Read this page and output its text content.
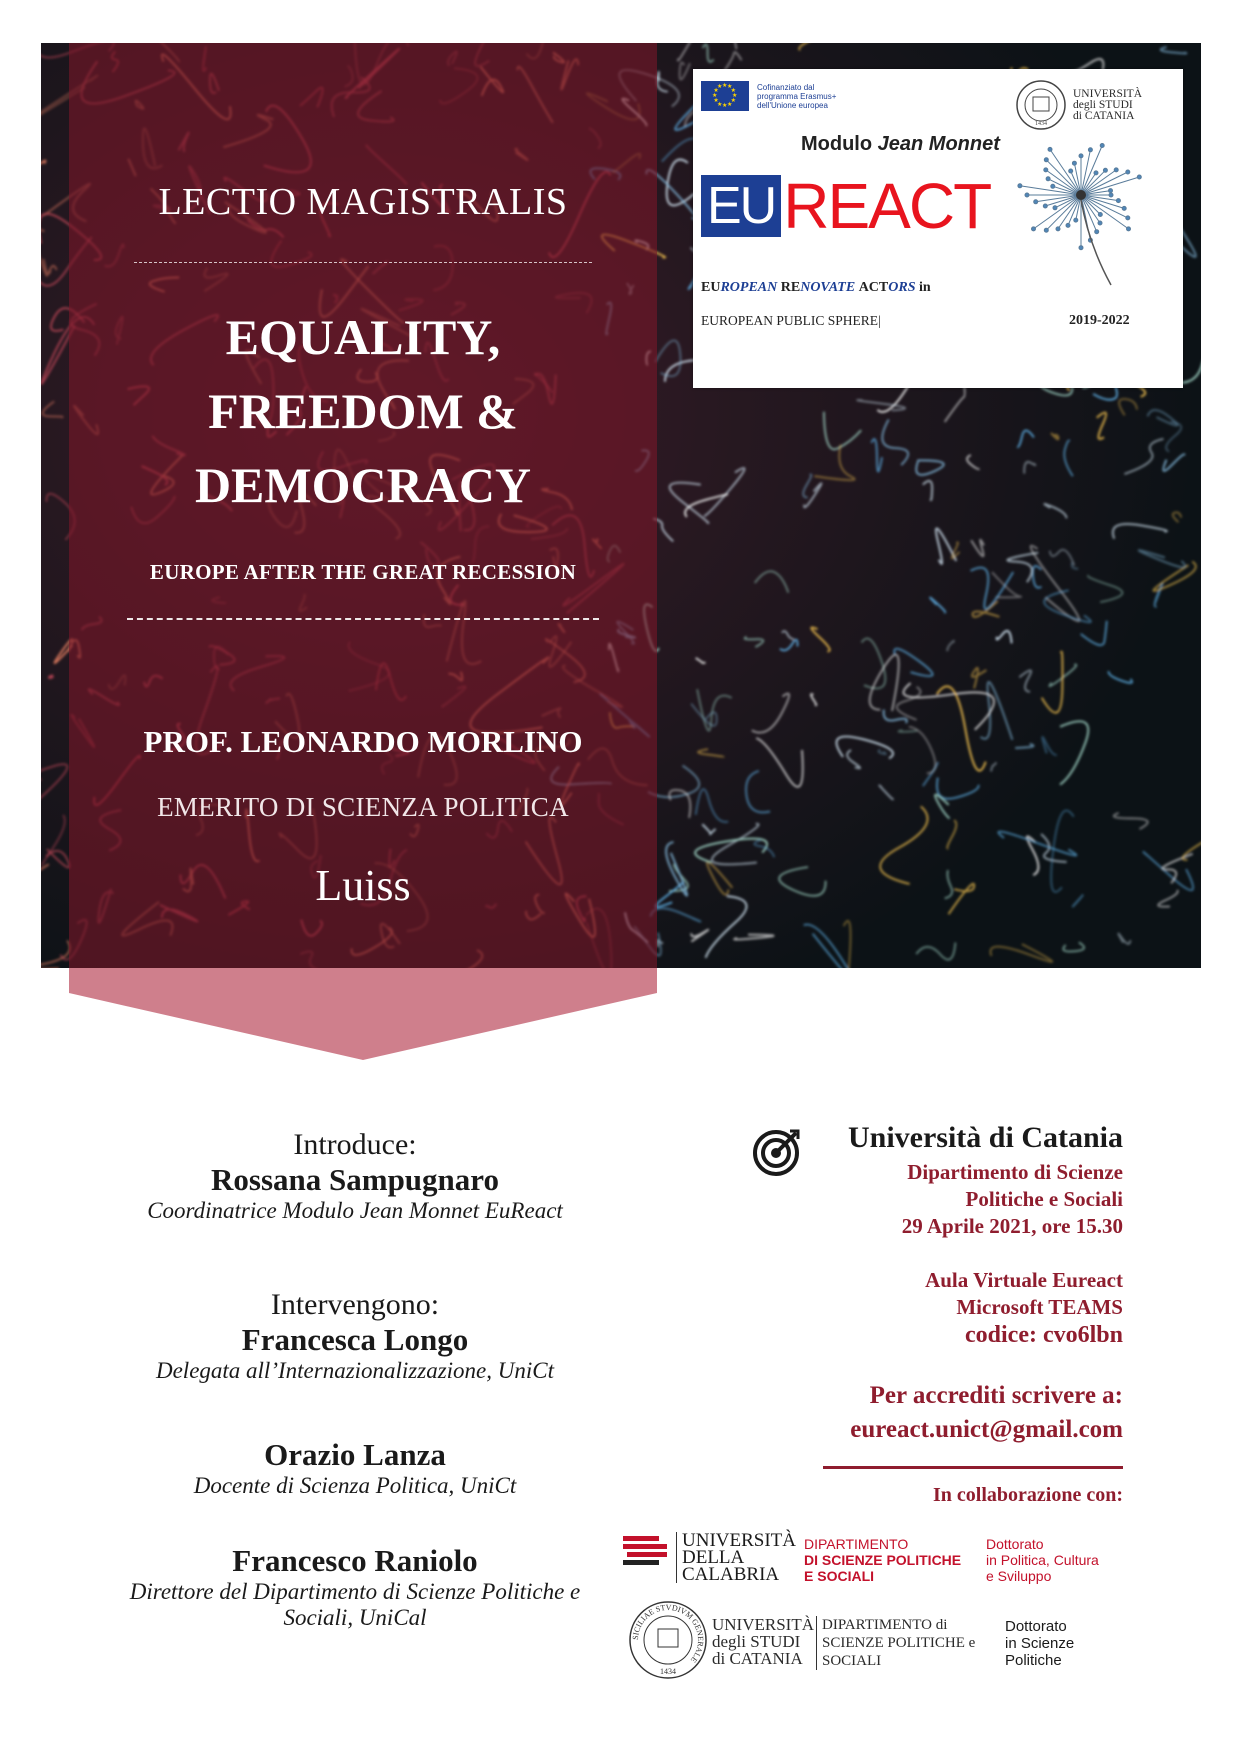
LECTIO MAGISTRALIS
EQUALITY,
FREEDOM &
DEMOCRACY
EUROPE AFTER THE GREAT RECESSION
PROF. LEONARDO MORLINO
EMERITO DI SCIENZA POLITICA
Luiss
★
★
★
★
★
★
★
★
★ ★ ★
★	Cofinanziato dal
programma Erasmus+
dell'Unione europea
1434
UNIVERSITÀ
degli STUDI
di CATANIA
Modulo Jean Monnet
EU REACT
EUROPEAN RENOVATE ACTORS in
EUROPEAN PUBLIC SPHERE|	2019-2022
Introduce:
Rossana Sampugnaro
Coordinatrice Modulo Jean Monnet EuReact
Intervengono:
Francesca Longo
Delegata all’Internazionalizzazione, UniCt
Orazio Lanza
Docente di Scienza Politica, UniCt
Francesco Raniolo
Direttore del Dipartimento di Scienze Politiche e
Sociali, UniCal
Università di Catania
Dipartimento di Scienze
Politiche e Sociali
29 Aprile 2021, ore 15.30
Aula Virtuale Eureact
Microsoft TEAMS
codice: cvo6lbn
Per accrediti scrivere a:
eureact.unict@gmail.com
In collaborazione con:
UNIVERSITÀ
DELLA
CALABRIA
DIPARTIMENTO
DI SCIENZE POLITICHE
E SOCIALI
Dottorato
in Politica, Cultura
e Sviluppo
SICILIAE STVDIVM GENERALE
1434
UNIVERSITÀ
degli STUDI
di CATANIA
DIPARTIMENTO di
SCIENZE POLITICHE e
SOCIALI
Dottorato
in Scienze
Politiche
